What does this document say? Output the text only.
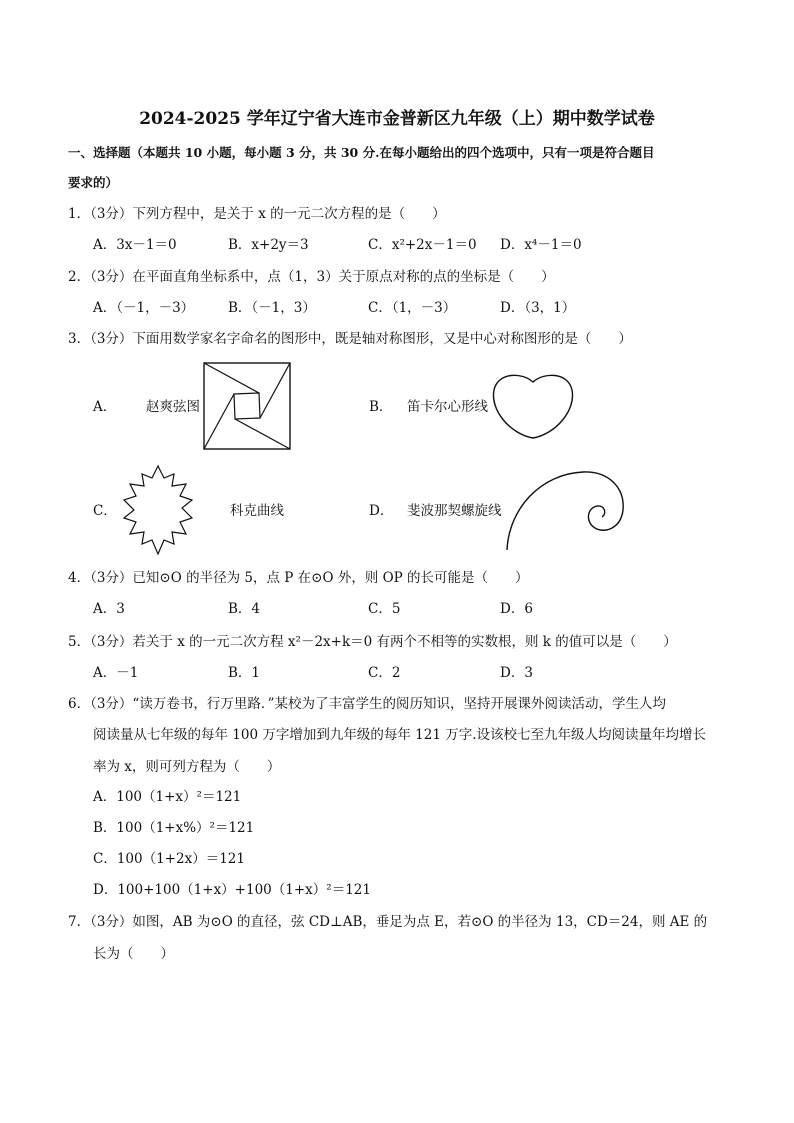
2024-2025 学年辽宁省大连市金普新区九年级（上）期中数学试卷
一、选择题（本题共 10 小题，每小题 3 分，共 30 分.在每小题给出的四个选项中，只有一项是符合题目
要求的）
1．（3分）下列方程中，是关于 x 的一元二次方程的是（　　）
A．3x－1＝0	B．x+2y＝3	C．x²+2x－1＝0 D．x⁴－1＝0
2．（3分）在平面直角坐标系中，点（1，3）关于原点对称的点的坐标是（　　）
A．（－1，－3）	B．（－1，3）	C．（1，－3）	D．（3，1）
3．（3分）下面用数学家名字命名的图形中，既是轴对称图形，又是中心对称图形的是（　　）
A． 赵爽弦图	B． 笛卡尔心形线
C．	科克曲线	D． 斐波那契螺旋线
4．（3分）已知⊙O 的半径为 5，点 P 在⊙O 外，则 OP 的长可能是（　　）
A．3	B．4	C．5	D．6
5．（3分）若关于 x 的一元二次方程 x²－2x+k＝0 有两个不相等的实数根，则 k 的值可以是（　　）
A．－1	B．1	C．2	D．3
6．（3分）“读万卷书，行万里路．”某校为了丰富学生的阅历知识，坚持开展课外阅读活动，学生人均
阅读量从七年级的每年 100 万字增加到九年级的每年 121 万字.设该校七至九年级人均阅读量年均增长
率为 x，则可列方程为（　　）
A．100（1+x）²＝121
B．100（1+x%）²＝121
C．100（1+2x）＝121
D．100+100（1+x）+100（1+x）²＝121
7．（3分）如图，AB 为⊙O 的直径，弦 CD⊥AB，垂足为点 E，若⊙O 的半径为 13，CD＝24，则 AE 的
长为（　　）
